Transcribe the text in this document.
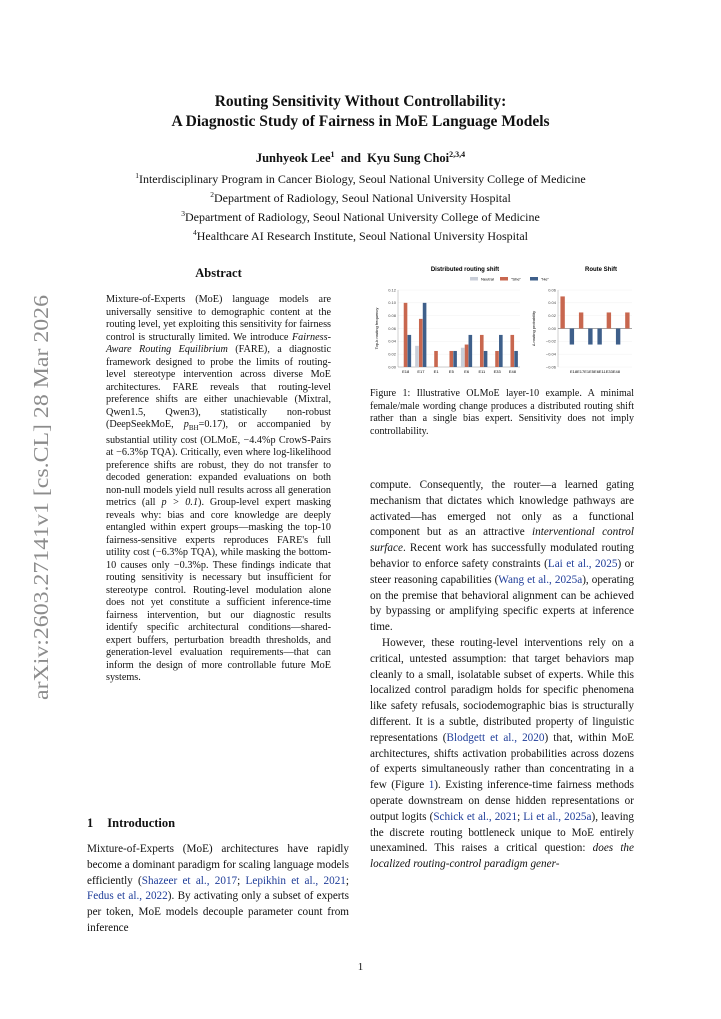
arXiv:2603.27141v1 [cs.CL] 28 Mar 2026
Routing Sensitivity Without Controllability:
A Diagnostic Study of Fairness in MoE Language Models
Junhyeok Lee$^1$ and Kyu Sung Choi$^{2,3,4}$
$^1$Interdisciplinary Program in Cancer Biology, Seoul National University College of Medicine
$^2$Department of Radiology, Seoul National University Hospital
$^3$Department of Radiology, Seoul National University College of Medicine
$^4$Healthcare AI Research Institute, Seoul National University Hospital
Abstract

Mixture-of-Experts (MoE) language models are universally sensitive to demographic content at the routing level, yet exploiting this sensitivity for fairness control is structurally limited. We introduce Fairness-Aware Routing Equilibrium (FARE), a diagnostic framework designed to probe the limits of routing-level stereotype intervention across diverse MoE architectures. FARE reveals that routing-level preference shifts are either unachievable (Mixtral, Qwen1.5, Qwen3), statistically non-robust (DeepSeekMoE, $p_{BH}=0.17$), or accompanied by substantial utility cost (OLMoE, −4.4%p CrowS-Pairs at −6.3%p TQA). Critically, even where log-likelihood preference shifts are robust, they do not transfer to decoded generation: expanded evaluations on both non-null models yield null results across all generation metrics (all p > 0.1). Group-level expert masking reveals why: bias and core knowledge are deeply entangled within expert groups—masking the top-10 fairness-sensitive experts reproduces FARE's full utility cost (−6.3%p TQA), while masking the bottom-10 causes only −0.3%p. These findings indicate that routing sensitivity is necessary but insufficient for stereotype control. Routing-level modulation alone does not yet constitute a sufficient inference-time fairness intervention, but our diagnostic results identify specific architectural conditions—shared-expert buffers, perturbation breadth thresholds, and generation-level evaluation requirements—that can inform the design of more controllable future MoE systems.

1 Introduction

Mixture-of-Experts (MoE) architectures have rapidly become a dominant paradigm for scaling language models efficiently (Shazeer et al., 2017; Lepikhin et al., 2021; Fedus et al., 2022). By activating only a subset of experts per token, MoE models decouple parameter count from inference

Distributed routing shift
Neutral	"She"	"He"
0.00
0.02
0.04
0.06
0.08
0.10
0.12
Top-k routing frequency
E18 E17 E1	E5	E6 E11 E33 E48
Route Shift
−0.06
−0.04
−0.02
0.00
0.02
0.04
0.06
Δ routing probability
E18E17E1E5E6E11E33E48
Figure 1: Illustrative OLMoE layer-10 example. A minimal female/male wording change produces a distributed routing shift rather than a single bias expert. Sensitivity does not imply controllability.

compute. Consequently, the router—a learned gating mechanism that dictates which knowledge pathways are activated—has emerged not only as a functional component but as an attractive interventional control surface. Recent work has successfully modulated routing behavior to enforce safety constraints (Lai et al., 2025) or steer reasoning capabilities (Wang et al., 2025a), operating on the premise that behavioral alignment can be achieved by bypassing or amplifying specific experts at inference time.

However, these routing-level interventions rely on a critical, untested assumption: that target behaviors map cleanly to a small, isolatable subset of experts. While this localized control paradigm holds for specific phenomena like safety refusals, sociodemographic bias is structurally different. It is a subtle, distributed property of linguistic representations (Blodgett et al., 2020) that, within MoE architectures, shifts activation probabilities across dozens of experts simultaneously rather than concentrating in a few (Figure 1). Existing inference-time fairness methods operate downstream on dense hidden representations or output logits (Schick et al., 2021; Li et al., 2025a), leaving the discrete routing bottleneck unique to MoE entirely unexamined. This raises a critical question: does the localized routing-control paradigm gener-

1
